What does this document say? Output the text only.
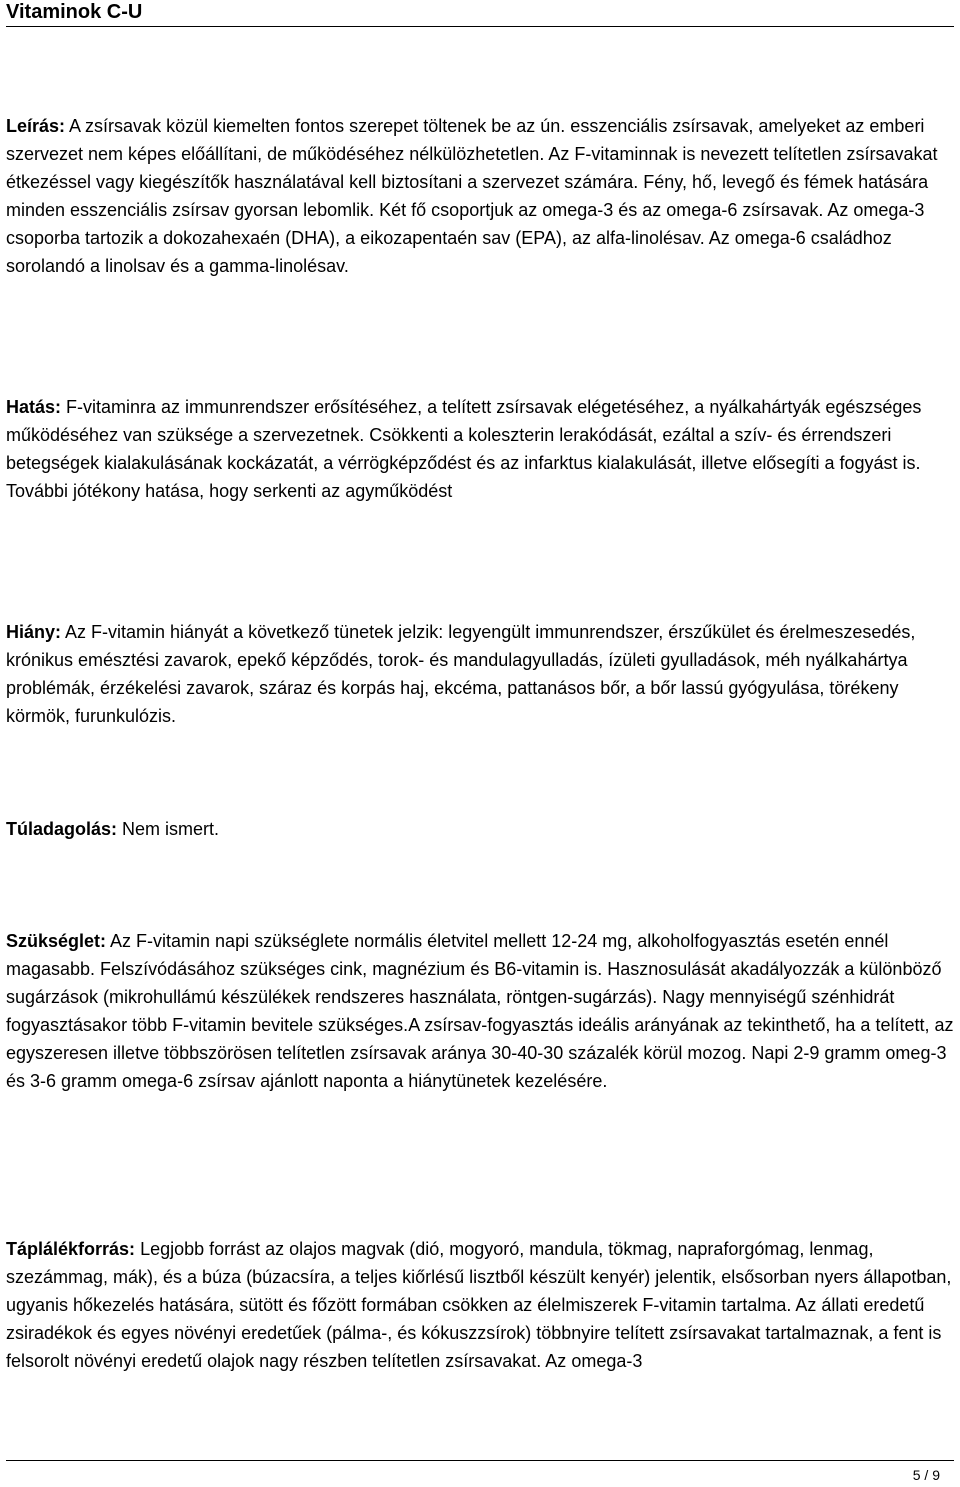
Vitaminok C-U

Leírás: A zsírsavak közül kiemelten fontos szerepet töltenek be az ún. esszenciális zsírsavak, amelyeket az emberi szervezet nem képes előállítani, de működéséhez nélkülözhetetlen. Az F-vitaminnak is nevezett telítetlen zsírsavakat étkezéssel vagy kiegészítők használatával kell biztosítani a szervezet számára. Fény, hő, levegő és fémek hatására minden esszenciális zsírsav gyorsan lebomlik. Két fő csoportjuk az omega-3 és az omega-6 zsírsavak. Az omega-3 csoporba tartozik a dokozahexaén (DHA), a eikozapentaén sav (EPA), az alfa-linolésav. Az omega-6 családhoz sorolandó a linolsav és a gamma-linolésav.

Hatás: F-vitaminra az immunrendszer erősítéséhez, a telített zsírsavak elégetéséhez, a nyálkahártyák egészséges működéséhez van szüksége a szervezetnek. Csökkenti a koleszterin lerakódását, ezáltal a szív- és érrendszeri betegségek kialakulásának kockázatát, a vérrögképződést és az infarktus kialakulását, illetve elősegíti a fogyást is. További jótékony hatása, hogy serkenti az agyműködést

Hiány: Az F-vitamin hiányát a következő tünetek jelzik: legyengült immunrendszer, érszűkület és érelmeszesedés, krónikus emésztési zavarok, epekő képződés, torok- és mandulagyulladás, ízületi gyulladások, méh nyálkahártya problémák, érzékelési zavarok, száraz és korpás haj, ekcéma, pattanásos bőr, a bőr lassú gyógyulása, törékeny körmök, furunkulózis.

Túladagolás: Nem ismert.

Szükséglet: Az F-vitamin napi szükséglete normális életvitel mellett 12-24 mg, alkoholfogyasztás esetén ennél magasabb. Felszívódásához szükséges cink, magnézium és B6-vitamin is. Hasznosulását akadályozzák a különböző sugárzások (mikrohullámú készülékek rendszeres használata, röntgen-sugárzás). Nagy mennyiségű szénhidrát fogyasztásakor több F-vitamin bevitele szükséges.A zsírsav-fogyasztás ideális arányának az tekinthető, ha a telített, az egyszeresen illetve többszörösen telítetlen zsírsavak aránya 30-40-30 százalék körül mozog. Napi 2-9 gramm omeg-3 és 3-6 gramm omega-6 zsírsav ajánlott naponta a hiánytünetek kezelésére.

Táplálékforrás: Legjobb forrást az olajos magvak (dió, mogyoró, mandula, tökmag, napraforgómag, lenmag, szezámmag, mák), és a búza (búzacsíra, a teljes kiőrlésű lisztből készült kenyér) jelentik, elsősorban nyers állapotban, ugyanis hőkezelés hatására, sütött és főzött formában csökken az élelmiszerek F-vitamin tartalma. Az állati eredetű zsiradékok és egyes növényi eredetűek (pálma-, és kókuszzsírok) többnyire telített zsírsavakat tartalmaznak, a fent is felsorolt növényi eredetű olajok nagy részben telítetlen zsírsavakat. Az omega-3

5 / 9
